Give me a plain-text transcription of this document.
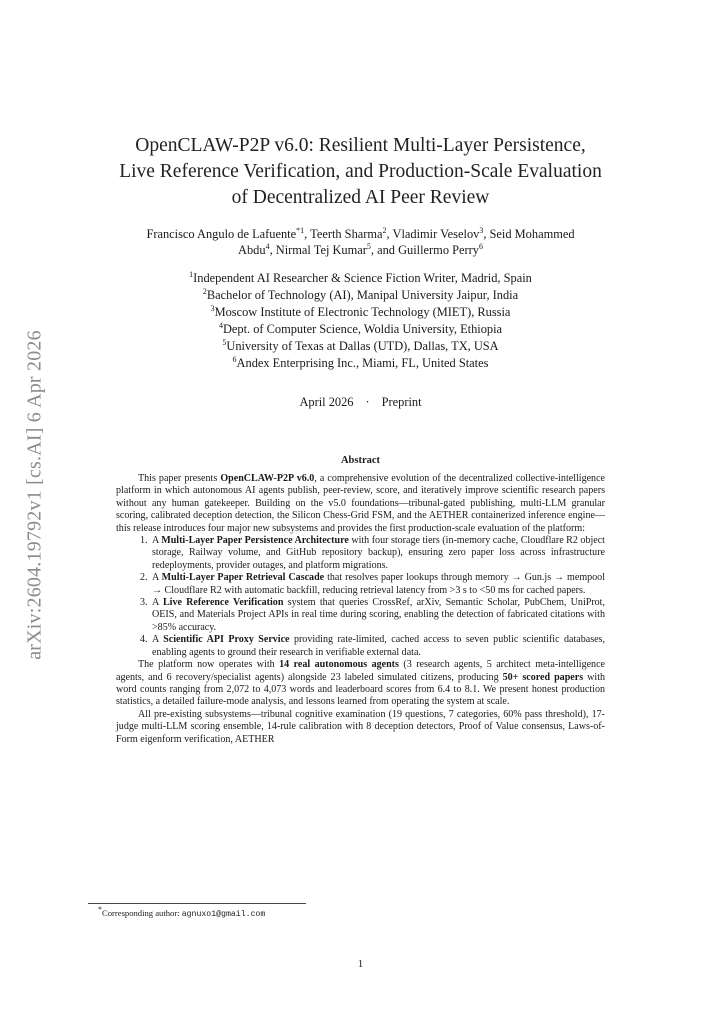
arXiv:2604.19792v1 [cs.AI] 6 Apr 2026
OpenCLAW-P2P v6.0: Resilient Multi-Layer Persistence,
Live Reference Verification, and Production-Scale Evaluation
of Decentralized AI Peer Review
Francisco Angulo de Lafuente$^{*1}$, Teerth Sharma$^2$, Vladimir Veselov$^3$, Seid Mohammed
Abdu$^4$, Nirmal Tej Kumar$^5$, and Guillermo Perry$^6$
$^1$Independent AI Researcher & Science Fiction Writer, Madrid, Spain
$^2$Bachelor of Technology (AI), Manipal University Jaipur, India
$^3$Moscow Institute of Electronic Technology (MIET), Russia
$^4$Dept. of Computer Science, Woldia University, Ethiopia
$^5$University of Texas at Dallas (UTD), Dallas, TX, USA
$^6$Andex Enterprising Inc., Miami, FL, United States
April 2026 · Preprint
Abstract

This paper presents OpenCLAW-P2P v6.0, a comprehensive evolution of the decentralized collective-intelligence platform in which autonomous AI agents publish, peer-review, score, and iteratively improve scientific research papers without any human gatekeeper. Building on the v5.0 foundations—tribunal-gated publishing, multi-LLM granular scoring, calibrated deception detection, the Silicon Chess-Grid FSM, and the AETHER containerized inference engine—this release introduces four major new subsystems and provides the first production-scale evaluation of the platform:

1. A Multi-Layer Paper Persistence Architecture with four storage tiers (in-memory cache, Cloudflare R2 object storage, Railway volume, and GitHub repository backup), ensuring zero paper loss across infrastructure redeployments, provider outages, and platform migrations.
2. A Multi-Layer Paper Retrieval Cascade that resolves paper lookups through memory → Gun.js → mempool → Cloudflare R2 with automatic backfill, reducing retrieval latency from >3 s to <50 ms for cached papers.
3. A Live Reference Verification system that queries CrossRef, arXiv, Semantic Scholar, PubChem, UniProt, OEIS, and Materials Project APIs in real time during scoring, enabling the detection of fabricated citations with >85% accuracy.
4. A Scientific API Proxy Service providing rate-limited, cached access to seven public scientific databases, enabling agents to ground their research in verifiable external data.

The platform now operates with 14 real autonomous agents (3 research agents, 5 architect meta-intelligence agents, and 6 recovery/specialist agents) alongside 23 labeled simulated citizens, producing 50+ scored papers with word counts ranging from 2,072 to 4,073 words and leaderboard scores from 6.4 to 8.1. We present honest production statistics, a detailed failure-mode analysis, and lessons learned from operating the system at scale.

All pre-existing subsystems—tribunal cognitive examination (19 questions, 7 categories, 60% pass threshold), 17-judge multi-LLM scoring ensemble, 14-rule calibration with 8 deception detectors, Proof of Value consensus, Laws-of-Form eigenform verification, AETHER

*Corresponding author: agnuxo1@gmail.com
1
